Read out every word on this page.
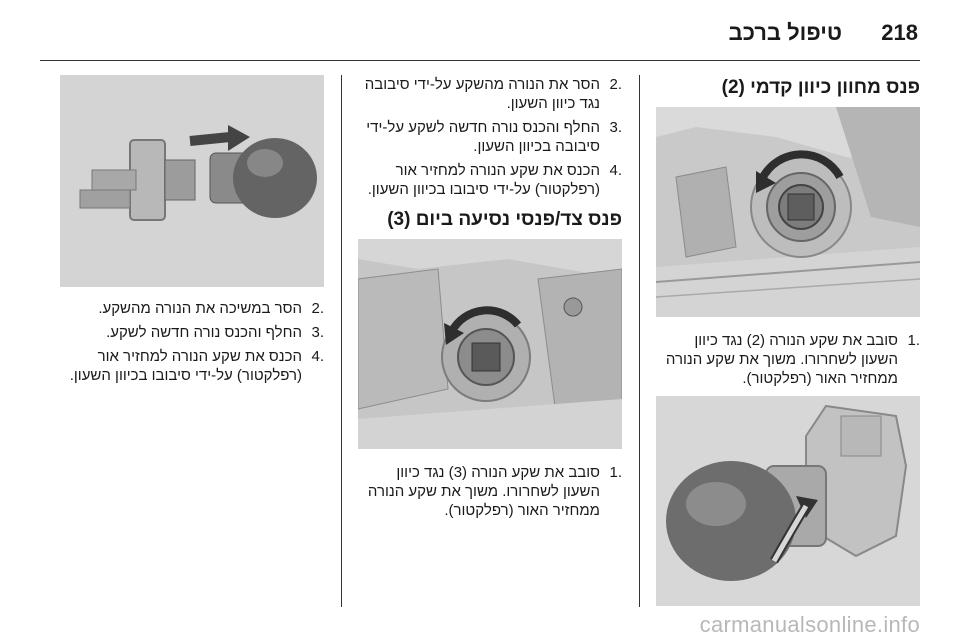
218
טיפול ברכב
פנס מחוון כיוון קדמי (2)
1.
סובב את שקע הנורה (2) נגד כיוון השעון לשחרורו. משוך את שקע הנורה ממחזיר האור (רפלקטור).
2.
הסר את הנורה מהשקע על-ידי סיבובה נגד כיוון השעון.
3.
החלף והכנס נורה חדשה לשקע על-ידי סיבובה בכיוון השעון.
4.
הכנס את שקע הנורה למחזיר אור (רפלקטור) על-ידי סיבובו בכיוון השעון.
פנס צד/פנסי נסיעה ביום (3)
1.
סובב את שקע הנורה (3) נגד כיוון השעון לשחרורו. משוך את שקע הנורה ממחזיר האור (רפלקטור).
2.
הסר במשיכה את הנורה מהשקע.
3.
החלף והכנס נורה חדשה לשקע.
4.
הכנס את שקע הנורה למחזיר אור (רפלקטור) על-ידי סיבובו בכיוון השעון.
carmanualsonline.info
